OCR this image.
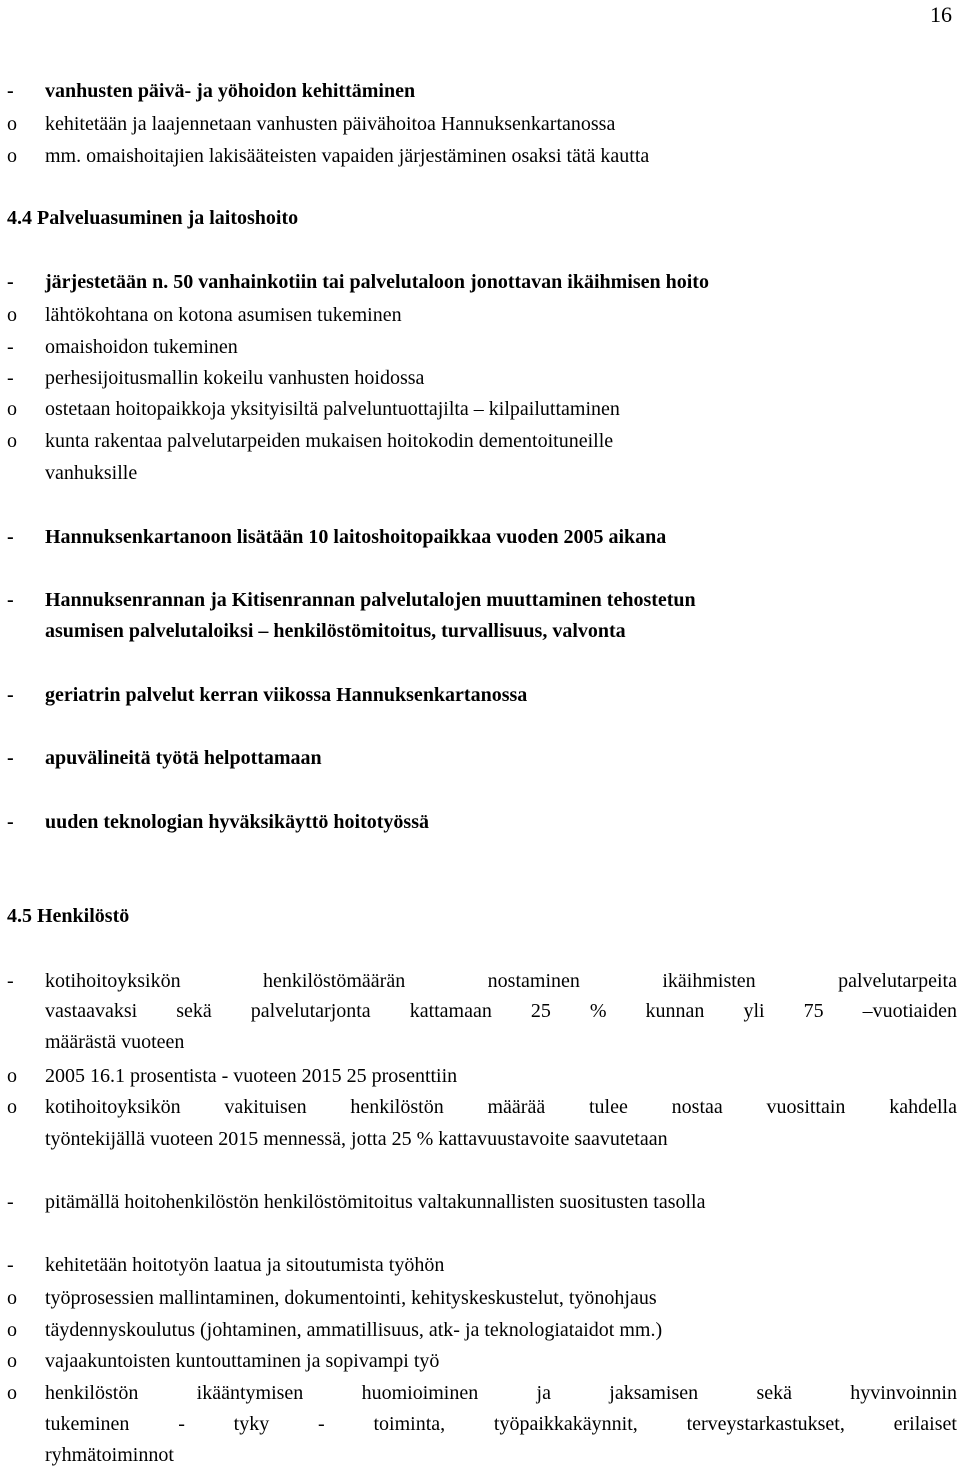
16
-	vanhusten päivä- ja yöhoidon kehittäminen
o	kehitetään ja laajennetaan vanhusten päivähoitoa Hannuksenkartanossa
o	mm. omaishoitajien lakisääteisten vapaiden järjestäminen osaksi tätä kautta
4.4 Palveluasuminen ja laitoshoito
-	järjestetään n. 50 vanhainkotiin tai palvelutaloon jonottavan ikäihmisen hoito
o	lähtökohtana on kotona asumisen tukeminen
-	omaishoidon tukeminen
-	perhesijoitusmallin kokeilu vanhusten hoidossa
o	ostetaan hoitopaikkoja yksityisiltä palveluntuottajilta – kilpailuttaminen
o	kunta rakentaa palvelutarpeiden mukaisen hoitokodin dementoituneille
vanhuksille
-	Hannuksenkartanoon lisätään 10 laitoshoitopaikkaa vuoden 2005 aikana
-	Hannuksenrannan ja Kitisenrannan palvelutalojen muuttaminen tehostetun
asumisen palvelutaloiksi – henkilöstömitoitus, turvallisuus, valvonta
-	geriatrin palvelut kerran viikossa Hannuksenkartanossa
-	apuvälineitä työtä helpottamaan
-	uuden teknologian hyväksikäyttö hoitotyössä
4.5 Henkilöstö
-	kotihoitoyksikön	henkilöstömäärän	nostaminen	ikäihmisten	palvelutarpeita
vastaavaksi sekä palvelutarjonta kattamaan 25 % kunnan yli 75 –vuotiaiden
määrästä vuoteen
o	2005 16.1 prosentista - vuoteen 2015 25 prosenttiin
o	kotihoitoyksikön vakituisen henkilöstön määrää tulee nostaa vuosittain kahdella
työntekijällä vuoteen 2015 mennessä, jotta 25 % kattavuustavoite saavutetaan
-	pitämällä hoitohenkilöstön henkilöstömitoitus valtakunnallisten suositusten tasolla
-	kehitetään hoitotyön laatua ja sitoutumista työhön
o	työprosessien mallintaminen, dokumentointi, kehityskeskustelut, työnohjaus
o	täydennyskoulutus (johtaminen, ammatillisuus, atk- ja teknologiataidot mm.)
o	vajaakuntoisten kuntouttaminen ja sopivampi työ
o	henkilöstön	ikääntymisen	huomioiminen	ja	jaksamisen	sekä	hyvinvoinnin
tukeminen - tyky - toiminta, työpaikkakäynnit, terveystarkastukset, erilaiset
ryhmätoiminnot
